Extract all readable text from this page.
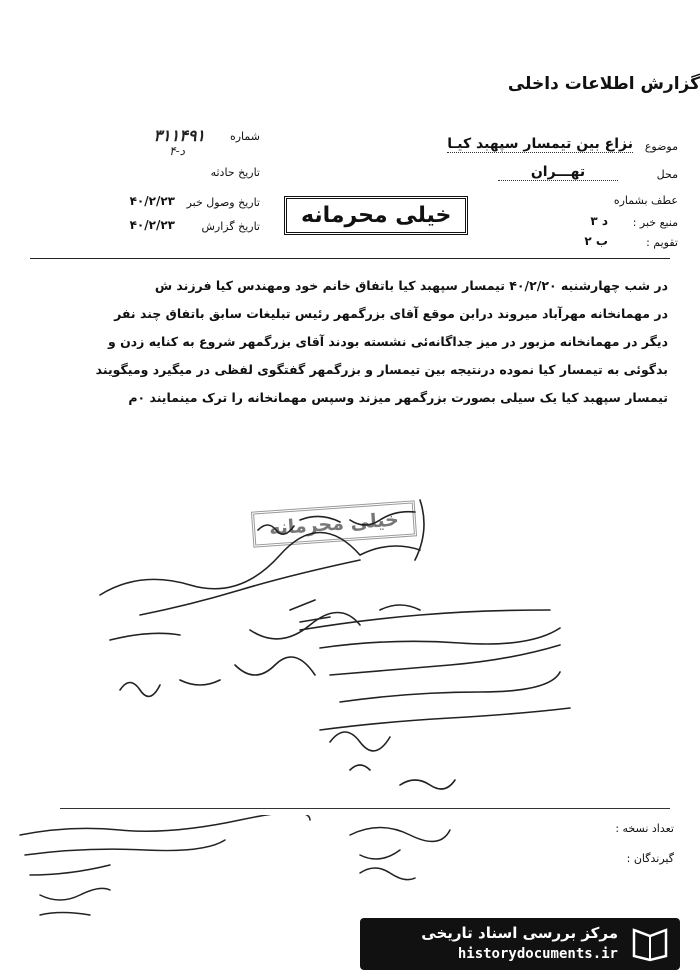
گزارش اطلاعات داخلی
شماره
۳۱۱۴۹۱
د-۴
تاریخ حادثه
تاریخ وصول خبر
۴۰/۲/۲۳
تاریخ گزارش
۴۰/۲/۲۳
موضوع
نزاع بین تیمسار سپهبد کیـا
محل
تهـــران
عطف بشماره
منبع خبر :
د ۳
تقویم :
ب ۲
خیلی محرمانه
در شب چهارشنبه ۴۰/۲/۲۰ تیمسار سپهبد کیا باتفاق خانم خود ومهندس کیا فرزند ش
در مهمانخانه مهرآباد میروند درابن موقع آقای بزرگمهر رئیس تبلیغات سابق باتفاق چند نفر
دیگر در مهمانخانه مزبور در میز جداگانه‌ئی نشسته بودند آقای بزرگمهر شروع به کنایه زدن و
بدگوئی به تیمسار کیا نموده درنتیجه بین تیمسار و بزرگمهر گفتگوی لفظی در میگیرد ومیگویند
تیمسار سپهبد کیا یک سیلی بصورت بزرگمهر میزند وسپس مهمانخانه را ترک مینمایند ۰م
خیلی محرمانه
تعداد نسخه :
گیرندگان :
مرکز بررسی اسناد تاریخی
historydocuments.ir
